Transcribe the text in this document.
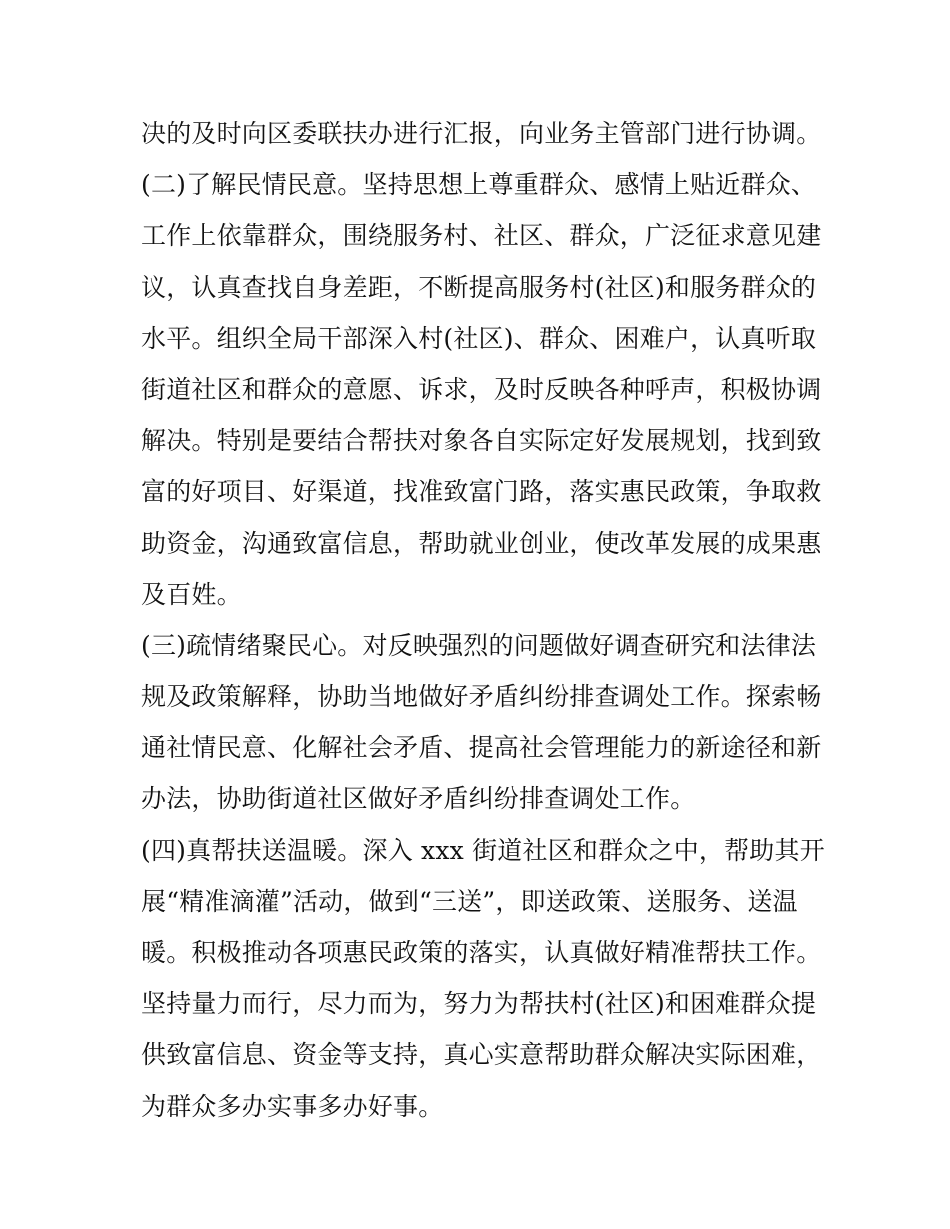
决的及时向区委联扶办进行汇报，向业务主管部门进行协调。
(二)了解民情民意。坚持思想上尊重群众、感情上贴近群众、
工作上依靠群众，围绕服务村、社区、群众，广泛征求意见建
议，认真查找自身差距，不断提高服务村(社区)和服务群众的
水平。组织全局干部深入村(社区)、群众、困难户，认真听取
街道社区和群众的意愿、诉求，及时反映各种呼声，积极协调
解决。特别是要结合帮扶对象各自实际定好发展规划，找到致
富的好项目、好渠道，找准致富门路，落实惠民政策，争取救
助资金，沟通致富信息，帮助就业创业，使改革发展的成果惠
及百姓。
(三)疏情绪聚民心。对反映强烈的问题做好调查研究和法律法
规及政策解释，协助当地做好矛盾纠纷排查调处工作。探索畅
通社情民意、化解社会矛盾、提高社会管理能力的新途径和新
办法，协助街道社区做好矛盾纠纷排查调处工作。
(四)真帮扶送温暖。深入 xxx 街道社区和群众之中，帮助其开
展“精准滴灌”活动，做到“三送”，即送政策、送服务、送温
暖。积极推动各项惠民政策的落实，认真做好精准帮扶工作。
坚持量力而行，尽力而为，努力为帮扶村(社区)和困难群众提
供致富信息、资金等支持，真心实意帮助群众解决实际困难，
为群众多办实事多办好事。
